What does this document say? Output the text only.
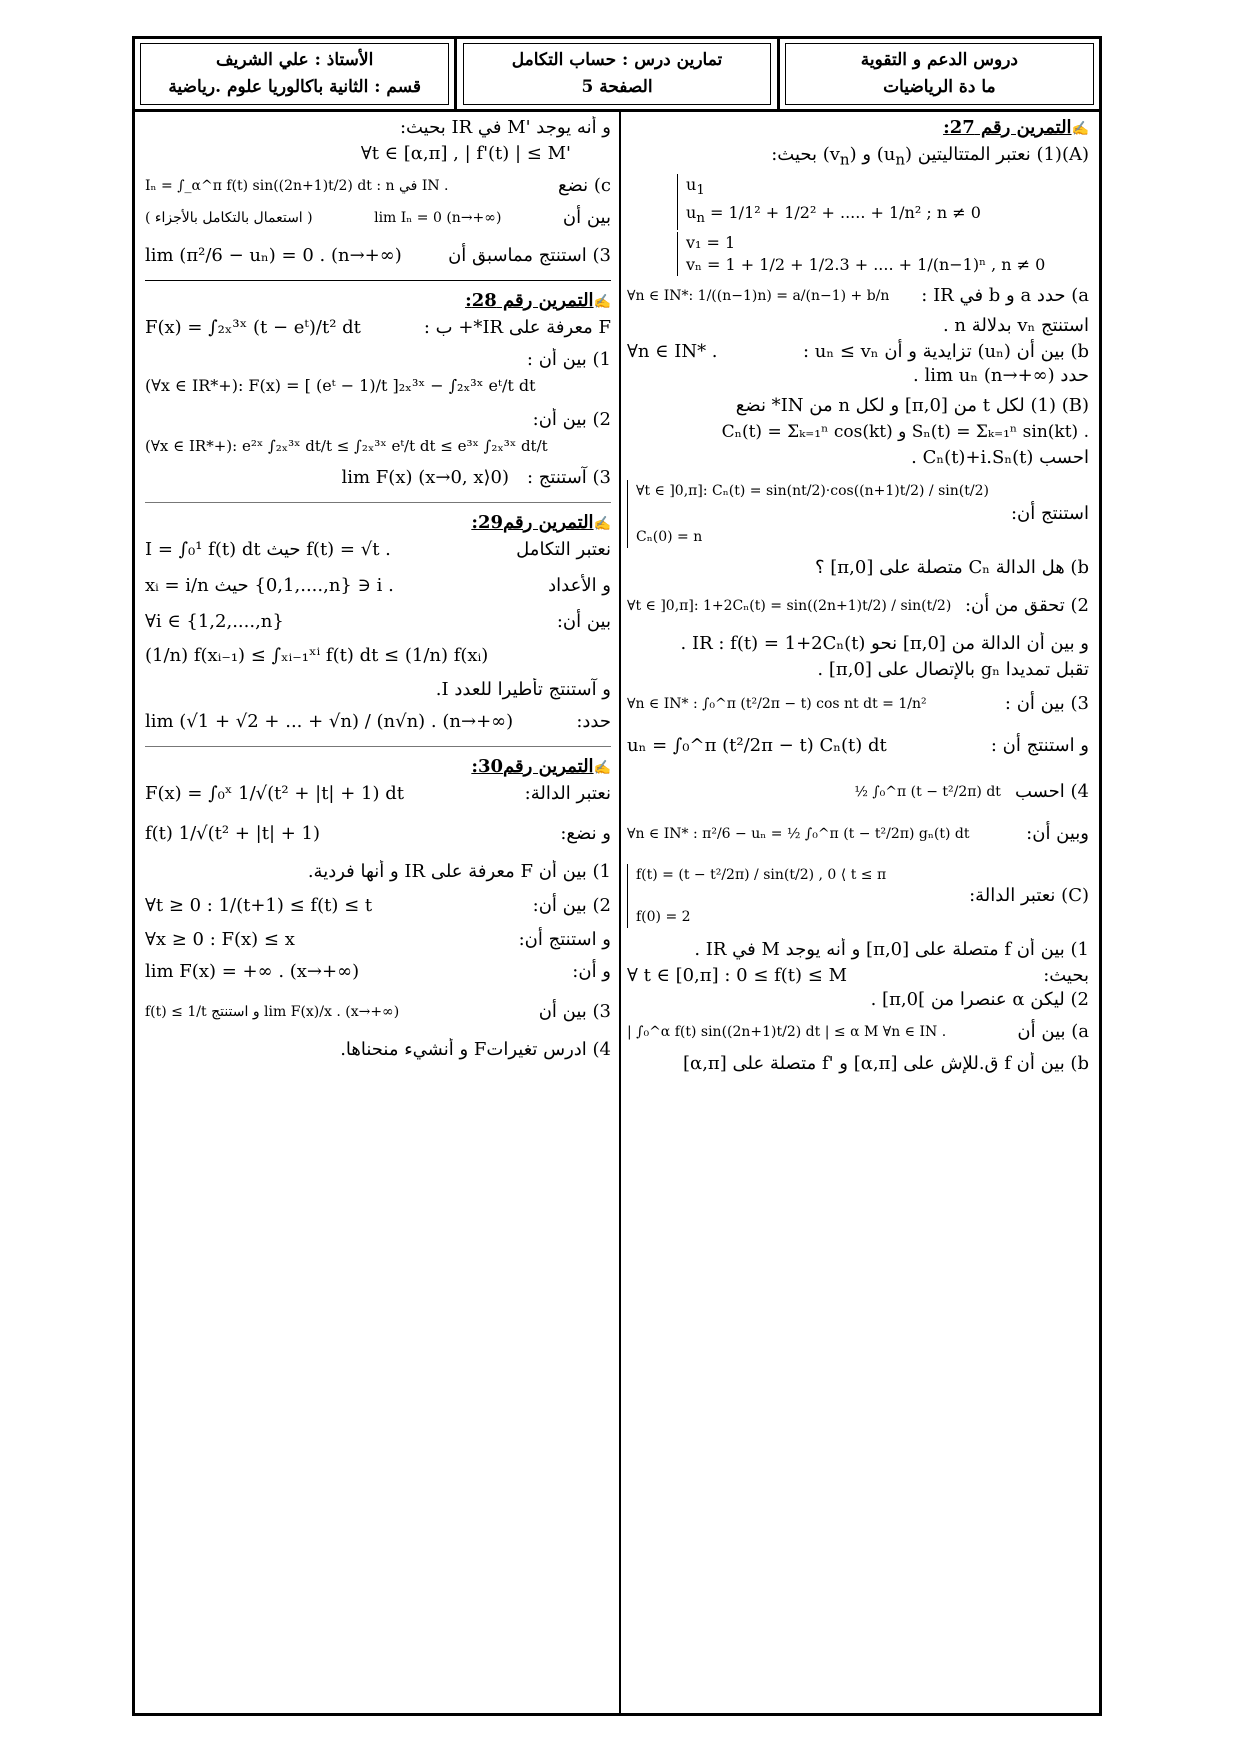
دروس الدعم و التقوية
ما دة الرياضيات
تمارين درس : حساب التكامل
الصفحة 5
الأستاذ : علي الشريف
قسم : الثانية باكالوريا علوم .رياضية
✍التمرين رقم 27:
(A)(1) نعتبر المتتاليتين $(u_n)$ و $(v_n)$ بحيث:
$u_1$
$u_n = 1/1^2 + 1/2^2$ + ..... + 1/n² ; n ≠ 0
v₁ = 1
vₙ = 1 + 1/2 + 1/2.3 + .... + 1/(n−1)ⁿ , n ≠ 0
a) حدد a و b في IR :
∀n ∈ IN*: 1/((n−1)n) = a/(n−1) + b/n
استنتج vₙ بدلالة n .
b) بين أن (uₙ) تزايدية و أن uₙ ≤ vₙ :
∀n ∈ IN* .
حدد lim uₙ (n→+∞) .
(B) (1) لكل t من [0,π] و لكل n من IN* نضع
Cₙ(t) = Σₖ₌₁ⁿ cos(kt) و Sₙ(t) = Σₖ₌₁ⁿ sin(kt) .
احسب Cₙ(t)+i.Sₙ(t) .
استنتج أن:
∀t ∈ ]0,π]: Cₙ(t) = sin(nt/2)·cos((n+1)t/2) / sin(t/2)
Cₙ(0) = n
b) هل الدالة Cₙ متصلة على [0,π] ؟
2) تحقق من أن:
∀t ∈ ]0,π]: 1+2Cₙ(t) = sin((2n+1)t/2) / sin(t/2)
و بين أن الدالة من [0,π] نحو IR : f(t) = 1+2Cₙ(t) .
تقبل تمديدا gₙ بالإتصال على [0,π] .
3) بين أن :
∀n ∈ IN* : ∫₀^π (t²/2π − t) cos nt dt = 1/n²
و استنتج أن :
uₙ = ∫₀^π (t²/2π − t) Cₙ(t) dt
4) احسب
½ ∫₀^π (t − t²/2π) dt
وبين أن:
∀n ∈ IN* : π²/6 − uₙ = ½ ∫₀^π (t − t²/2π) gₙ(t) dt
(C) نعتبر الدالة:
f(t) = (t − t²/2π) / sin(t/2) , 0 ⟨ t ≤ π
f(0) = 2
1) بين أن f متصلة على [0,π] و أنه يوجد M في IR .
بحيث:
∀ t ∈ [0,π] : 0 ≤ f(t) ≤ M
2) ليكن α عنصرا من ]0,π] .
a) بين أن
| ∫₀^α f(t) sin((2n+1)t/2) dt | ≤ α M ∀n ∈ IN .
b) بين أن f ق.للإش على [α,π] و 'f متصلة على [α,π]
و أنه يوجد 'M في IR بحيث:
∀t ∈ [α,π] , | f'(t) | ≤ M'
c) نضع
Iₙ = ∫_α^π f(t) sin((2n+1)t/2) dt : n في IN .
بين أن
lim Iₙ = 0 (n→+∞)
( استعمال بالتكامل بالأجزاء )
3) استنتج مماسبق أن
lim (π²/6 − uₙ) = 0 . (n→+∞)
✍التمرين رقم 28:
F معرفة على IR*+ ب :
F(x) = ∫₂ₓ³ˣ (t − eᵗ)/t² dt
1) بين أن :
(∀x ∈ IR*+): F(x) = [ (eᵗ − 1)/t ]₂ₓ³ˣ − ∫₂ₓ³ˣ eᵗ/t dt
2) بين أن:
(∀x ∈ IR*+): e²ˣ ∫₂ₓ³ˣ dt/t ≤ ∫₂ₓ³ˣ eᵗ/t dt ≤ e³ˣ ∫₂ₓ³ˣ dt/t
3) آستنتج :
lim F(x) (x→0, x⟩0)
✍التمرين رقم29:
نعتبر التكامل
I = ∫₀¹ f(t) dt حيث f(t) = √t .
و الأعداد
xᵢ = i/n حيث {0,1,....,n} ∋ i .
بين أن:
∀i ∈ {1,2,....,n}
(1/n) f(xᵢ₋₁) ≤ ∫ₓᵢ₋₁ˣⁱ f(t) dt ≤ (1/n) f(xᵢ)
و آستنتج تأطيرا للعدد I.
حدد:
lim (√1 + √2 + ... + √n) / (n√n) . (n→+∞)
✍التمرين رقم30:
نعتبر الدالة:
F(x) = ∫₀ˣ 1/√(t² + |t| + 1) dt
و نضع:
f(t) 1/√(t² + |t| + 1)
1) بين أن F معرفة على IR و أنها فردية.
2) بين أن:
∀t ≥ 0 : 1/(t+1) ≤ f(t) ≤ t
و استنتج أن:
∀x ≥ 0 : F(x) ≤ x
و أن:
lim F(x) = +∞ . (x→+∞)
3) بين أن
f(t) ≤ 1/t و استنتج lim F(x)/x . (x→+∞)
4) ادرس تغيراتF و أنشيء منحناها.
